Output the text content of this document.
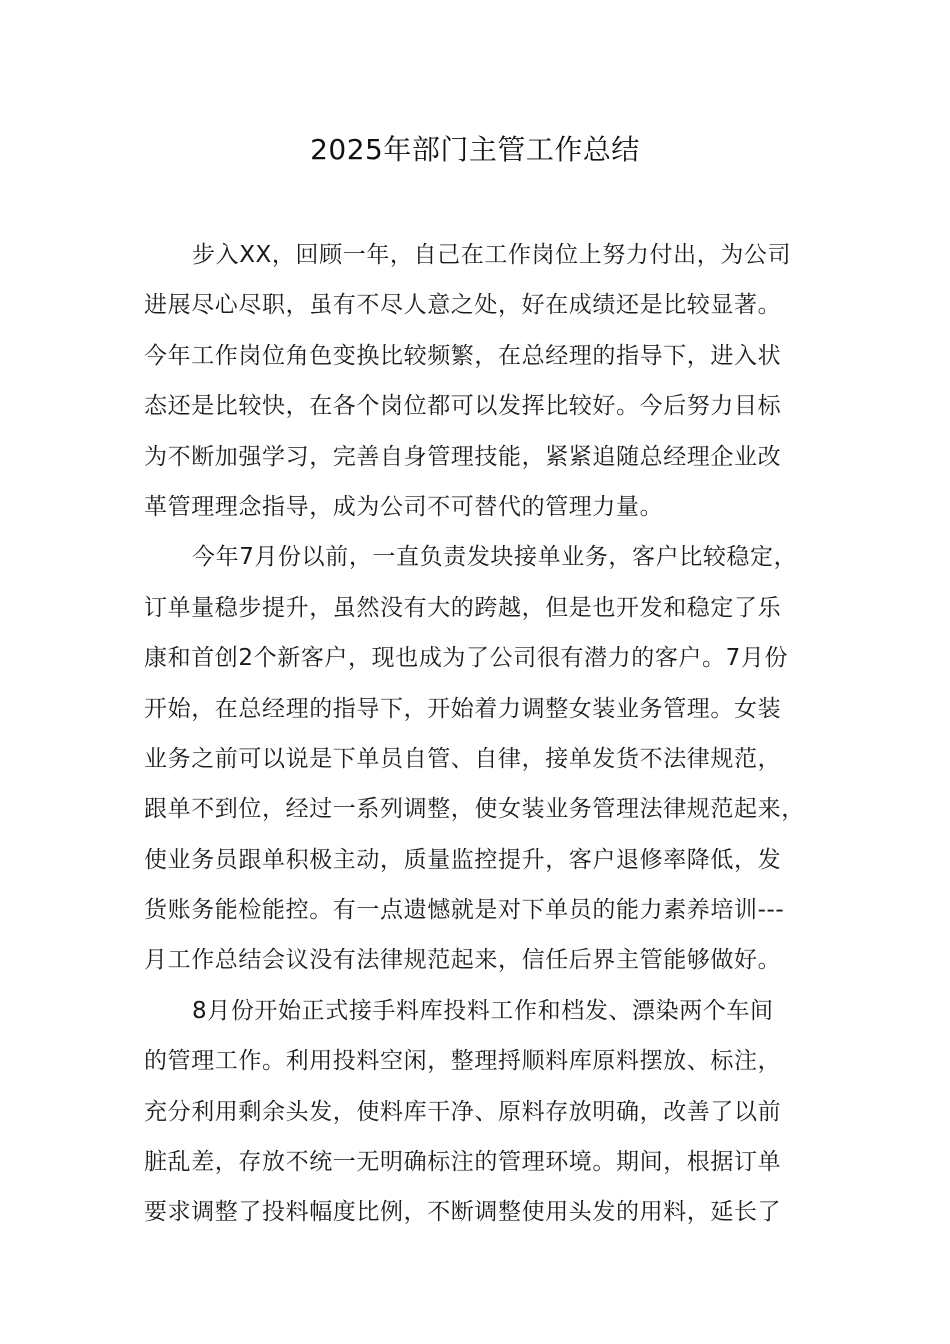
2025年部门主管工作总结
步入XX，回顾一年，自己在工作岗位上努力付出，为公司
进展尽心尽职，虽有不尽人意之处，好在成绩还是比较显著。
今年工作岗位角色变换比较频繁，在总经理的指导下，进入状
态还是比较快，在各个岗位都可以发挥比较好。今后努力目标
为不断加强学习，完善自身管理技能，紧紧追随总经理企业改
革管理理念指导，成为公司不可替代的管理力量。
今年7月份以前，一直负责发块接单业务，客户比较稳定，
订单量稳步提升，虽然没有大的跨越，但是也开发和稳定了乐
康和首创2个新客户，现也成为了公司很有潜力的客户。7月份
开始，在总经理的指导下，开始着力调整女装业务管理。女装
业务之前可以说是下单员自管、自律，接单发货不法律规范，
跟单不到位，经过一系列调整，使女装业务管理法律规范起来，
使业务员跟单积极主动，质量监控提升，客户退修率降低，发
货账务能检能控。有一点遗憾就是对下单员的能力素养培训---
月工作总结会议没有法律规范起来，信任后界主管能够做好。
8月份开始正式接手料库投料工作和档发、漂染两个车间
的管理工作。利用投料空闲，整理捋顺料库原料摆放、标注，
充分利用剩余头发，使料库干净、原料存放明确，改善了以前
脏乱差，存放不统一无明确标注的管理环境。期间，根据订单
要求调整了投料幅度比例，不断调整使用头发的用料，延长了
